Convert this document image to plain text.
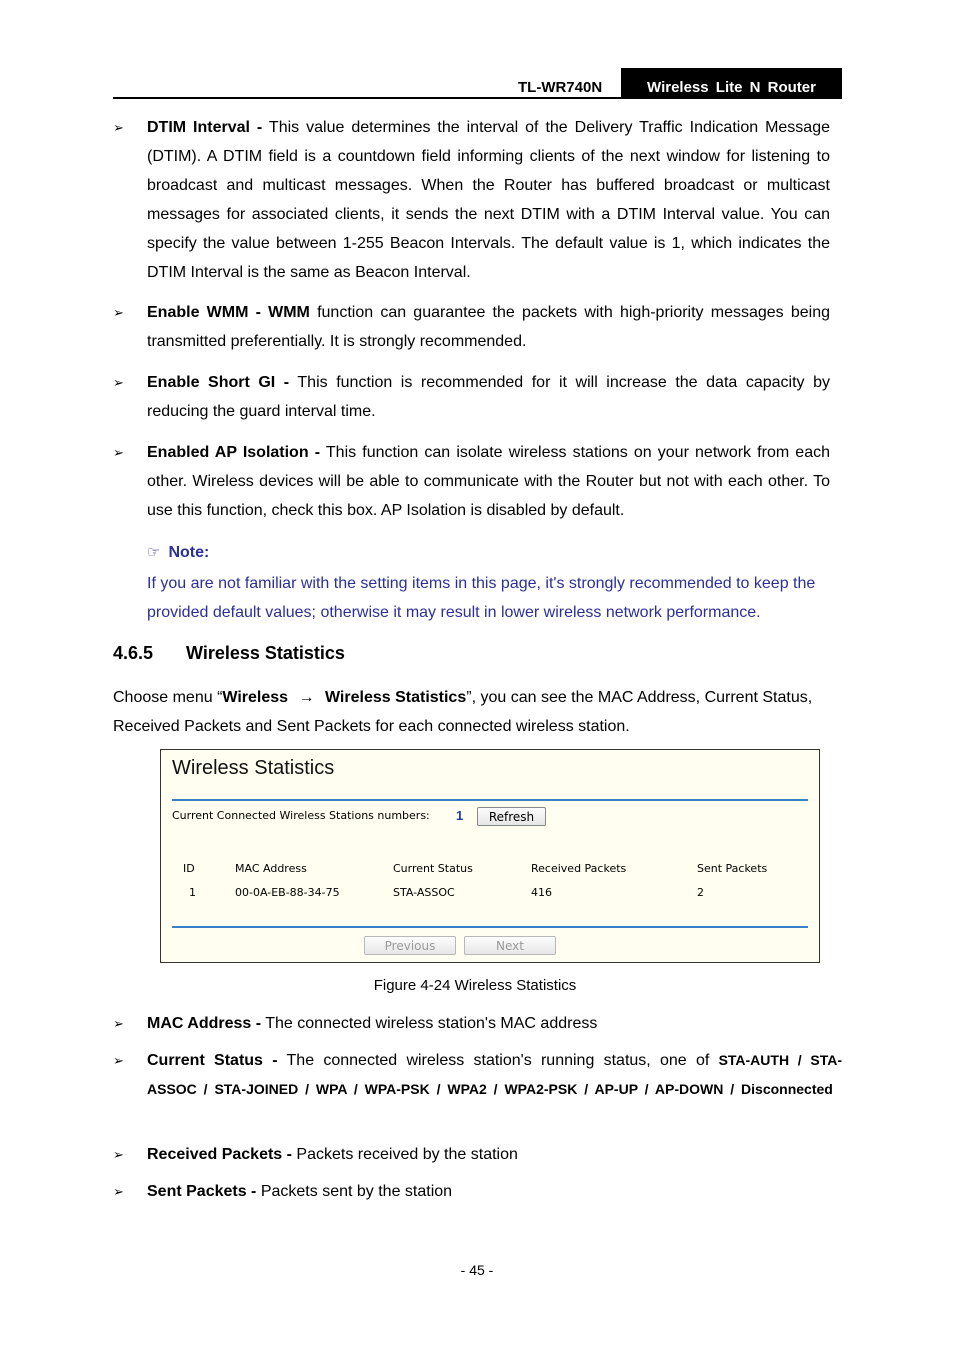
TL-WR740N	Wireless Lite N Router
➢ DTIM Interval - This value determines the interval of the Delivery Traffic Indication Message (DTIM). A DTIM field is a countdown field informing clients of the next window for listening to broadcast and multicast messages. When the Router has buffered broadcast or multicast messages for associated clients, it sends the next DTIM with a DTIM Interval value. You can specify the value between 1-255 Beacon Intervals. The default value is 1, which indicates the DTIM Interval is the same as Beacon Interval.
➢ Enable WMM - WMM function can guarantee the packets with high-priority messages being transmitted preferentially. It is strongly recommended.
➢ Enable Short GI - This function is recommended for it will increase the data capacity by reducing the guard interval time.
➢ Enabled AP Isolation - This function can isolate wireless stations on your network from each other. Wireless devices will be able to communicate with the Router but not with each other. To use this function, check this box. AP Isolation is disabled by default.
☞ Note:
If you are not familiar with the setting items in this page, it's strongly recommended to keep the provided default values; otherwise it may result in lower wireless network performance.
4.6.5 Wireless Statistics
Choose menu “Wireless → Wireless Statistics”, you can see the MAC Address, Current Status, Received Packets and Sent Packets for each connected wireless station.
Wireless Statistics
Current Connected Wireless Stations numbers: 1	Refresh
ID	MAC Address	Current Status	Received Packets	Sent Packets
1	00-0A-EB-88-34-75	STA-ASSOC	416	2
Previous	Next
Figure 4-24 Wireless Statistics
➢ MAC Address - The connected wireless station's MAC address
➢ Current Status - The connected wireless station's running status, one of STA-AUTH / STA-ASSOC / STA-JOINED / WPA / WPA-PSK / WPA2 / WPA2-PSK / AP-UP / AP-DOWN / Disconnected
➢ Received Packets - Packets received by the station
➢ Sent Packets - Packets sent by the station
- 45 -
